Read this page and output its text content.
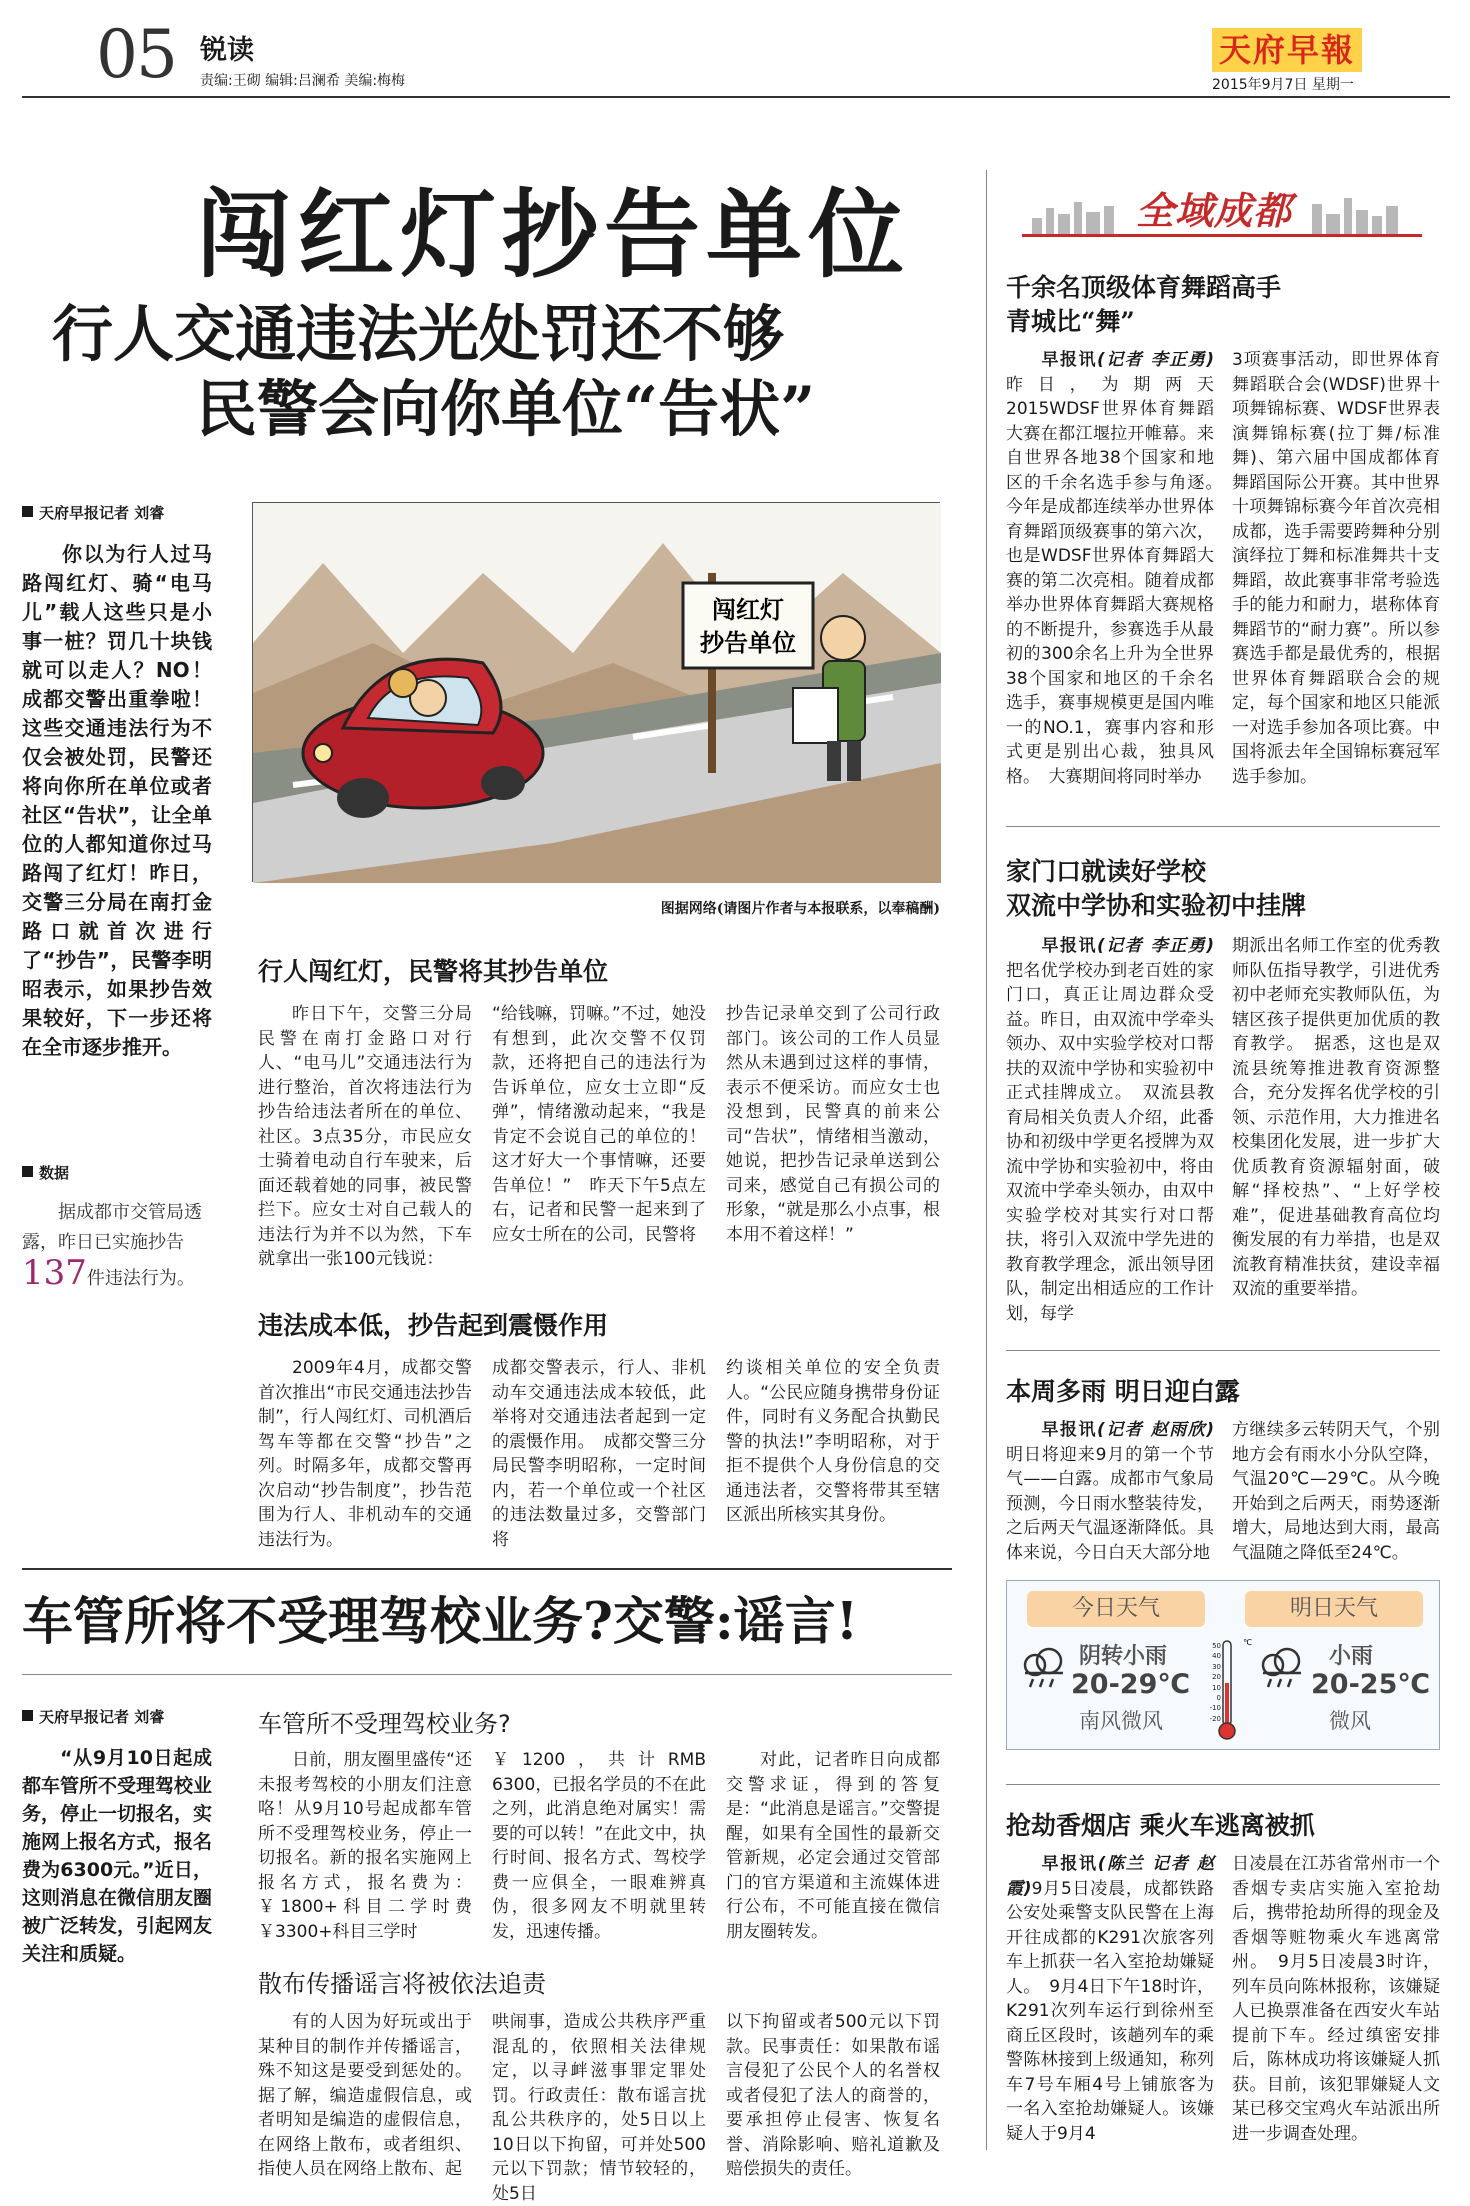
05 锐读
责编:王砌 编辑:吕澜希 美编:梅梅
天府早報
2015年9月7日 星期一
闯红灯抄告单位
行人交通违法光处罚还不够
民警会向你单位“告状”
天府早报记者 刘睿
你以为行人过马路闯红灯、骑“电马儿”载人这些只是小事一桩？罚几十块钱就可以走人？NO！成都交警出重拳啦！这些交通违法行为不仅会被处罚，民警还将向你所在单位或者社区“告状”，让全单位的人都知道你过马路闯了红灯！昨日，交警三分局在南打金路口就首次进行了“抄告”，民警李明昭表示，如果抄告效果较好，下一步还将在全市逐步推开。
数据
据成都市交管局透露，昨日已实施抄告137件违法行为。
闯红灯
抄告单位
图据网络(请图片作者与本报联系，以奉稿酬)
行人闯红灯，民警将其抄告单位
昨日下午，交警三分局民警在南打金路口对行人、“电马儿”交通违法行为进行整治，首次将违法行为抄告给违法者所在的单位、社区。3点35分，市民应女士骑着电动自行车驶来，后面还载着她的同事，被民警拦下。应女士对自己载人的违法行为并不以为然，下车就拿出一张100元钱说：
“给钱嘛，罚嘛。”不过，她没有想到，此次交警不仅罚款，还将把自己的违法行为告诉单位，应女士立即“反弹”，情绪激动起来，“我是肯定不会说自己的单位的！这才好大一个事情嘛，还要告单位！”　昨天下午5点左右，记者和民警一起来到了应女士所在的公司，民警将
抄告记录单交到了公司行政部门。该公司的工作人员显然从未遇到过这样的事情，表示不便采访。而应女士也没想到，民警真的前来公司“告状”，情绪相当激动，她说，把抄告记录单送到公司来，感觉自己有损公司的形象，“就是那么小点事，根本用不着这样！”
违法成本低，抄告起到震慑作用
2009年4月，成都交警首次推出“市民交通违法抄告制”，行人闯红灯、司机酒后驾车等都在交警“抄告”之列。时隔多年，成都交警再次启动“抄告制度”，抄告范围为行人、非机动车的交通违法行为。
成都交警表示，行人、非机动车交通违法成本较低，此举将对交通违法者起到一定的震慑作用。　成都交警三分局民警李明昭称，一定时间内，若一个单位或一个社区的违法数量过多，交警部门将
约谈相关单位的安全负责人。“公民应随身携带身份证件，同时有义务配合执勤民警的执法!”李明昭称，对于拒不提供个人身份信息的交通违法者，交警将带其至辖区派出所核实其身份。
车管所将不受理驾校业务?交警:谣言!
天府早报记者 刘睿
“从9月10日起成都车管所不受理驾校业务，停止一切报名，实施网上报名方式，报名费为6300元。”近日，这则消息在微信朋友圈被广泛转发，引起网友关注和质疑。
车管所不受理驾校业务?
日前，朋友圈里盛传“还未报考驾校的小朋友们注意咯！从9月10号起成都车管所不受理驾校业务，停止一切报名。新的报名实施网上报名方式，报名费为：￥1800+科目二学时费￥3300+科目三学时
￥1200，共计RMB 6300，已报名学员的不在此之列，此消息绝对属实！需要的可以转！”在此文中，执行时间、报名方式、驾校学费一应俱全，一眼难辨真伪，很多网友不明就里转发，迅速传播。
对此，记者昨日向成都交警求证，得到的答复是：“此消息是谣言。”交警提醒，如果有全国性的最新交管新规，必定会通过交管部门的官方渠道和主流媒体进行公布，不可能直接在微信朋友圈转发。
散布传播谣言将被依法追责
有的人因为好玩或出于某种目的制作并传播谣言，殊不知这是要受到惩处的。据了解，编造虚假信息，或者明知是编造的虚假信息，在网络上散布，或者组织、指使人员在网络上散布、起
哄闹事，造成公共秩序严重混乱的，依照相关法律规定，以寻衅滋事罪定罪处罚。行政责任：散布谣言扰乱公共秩序的，处5日以上10日以下拘留，可并处500元以下罚款；情节较轻的，处5日
以下拘留或者500元以下罚款。民事责任：如果散布谣言侵犯了公民个人的名誉权或者侵犯了法人的商誉的，要承担停止侵害、恢复名誉、消除影响、赔礼道歉及赔偿损失的责任。
全域成都
千余名顶级体育舞蹈高手
青城比“舞”
早报讯(记者 李正勇)昨日，为期两天2015WDSF世界体育舞蹈大赛在都江堰拉开帷幕。来自世界各地38个国家和地区的千余名选手参与角逐。　今年是成都连续举办世界体育舞蹈顶级赛事的第六次，也是WDSF世界体育舞蹈大赛的第二次亮相。随着成都举办世界体育舞蹈大赛规格的不断提升，参赛选手从最初的300余名上升为全世界38个国家和地区的千余名选手，赛事规模更是国内唯一的NO.1，赛事内容和形式更是别出心裁，独具风格。　大赛期间将同时举办
3项赛事活动，即世界体育舞蹈联合会(WDSF)世界十项舞锦标赛、WDSF世界表演舞锦标赛(拉丁舞/标准舞)、第六届中国成都体育舞蹈国际公开赛。其中世界十项舞锦标赛今年首次亮相成都，选手需要跨舞种分别演绎拉丁舞和标准舞共十支舞蹈，故此赛事非常考验选手的能力和耐力，堪称体育舞蹈节的“耐力赛”。所以参赛选手都是最优秀的，根据世界体育舞蹈联合会的规定，每个国家和地区只能派一对选手参加各项比赛。中国将派去年全国锦标赛冠军选手参加。
家门口就读好学校
双流中学协和实验初中挂牌
早报讯(记者 李正勇)把名优学校办到老百姓的家门口，真正让周边群众受益。昨日，由双流中学牵头领办、双中实验学校对口帮扶的双流中学协和实验初中正式挂牌成立。　双流县教育局相关负责人介绍，此番协和初级中学更名授牌为双流中学协和实验初中，将由双流中学牵头领办，由双中实验学校对其实行对口帮扶，将引入双流中学先进的教育教学理念，派出领导团队，制定出相适应的工作计划，每学
期派出名师工作室的优秀教师队伍指导教学，引进优秀初中老师充实教师队伍，为辖区孩子提供更加优质的教育教学。　据悉，这也是双流县统筹推进教育资源整合，充分发挥名优学校的引领、示范作用，大力推进名校集团化发展，进一步扩大优质教育资源辐射面，破解“择校热”、“上好学校难”，促进基础教育高位均衡发展的有力举措，也是双流教育精准扶贫，建设幸福双流的重要举措。
本周多雨 明日迎白露
早报讯(记者 赵雨欣)明日将迎来9月的第一个节气——白露。成都市气象局预测，今日雨水整装待发，之后两天气温逐渐降低。具体来说，今日白天大部分地
方继续多云转阴天气，个别地方会有雨水小分队空降，气温20℃—29℃。从今晚开始到之后两天，雨势逐渐增大，局地达到大雨，最高气温随之降低至24℃。
今日天气	明日天气
阴转小雨
20-29℃
南风微风
℃
50
40
30
20
10
0
-10
-20
小雨
20-25℃
微风
抢劫香烟店 乘火车逃离被抓
早报讯(陈兰 记者 赵霞)9月5日凌晨，成都铁路公安处乘警支队民警在上海开往成都的K291次旅客列车上抓获一名入室抢劫嫌疑人。　9月4日下午18时许，K291次列车运行到徐州至商丘区段时，该趟列车的乘警陈林接到上级通知，称列车7号车厢4号上铺旅客为一名入室抢劫嫌疑人。该嫌疑人于9月4
日凌晨在江苏省常州市一个香烟专卖店实施入室抢劫后，携带抢劫所得的现金及香烟等赃物乘火车逃离常州。　9月5日凌晨3时许，列车员向陈林报称，该嫌疑人已换票准备在西安火车站提前下车。经过缜密安排后，陈林成功将该嫌疑人抓获。目前，该犯罪嫌疑人文某已移交宝鸡火车站派出所进一步调查处理。
